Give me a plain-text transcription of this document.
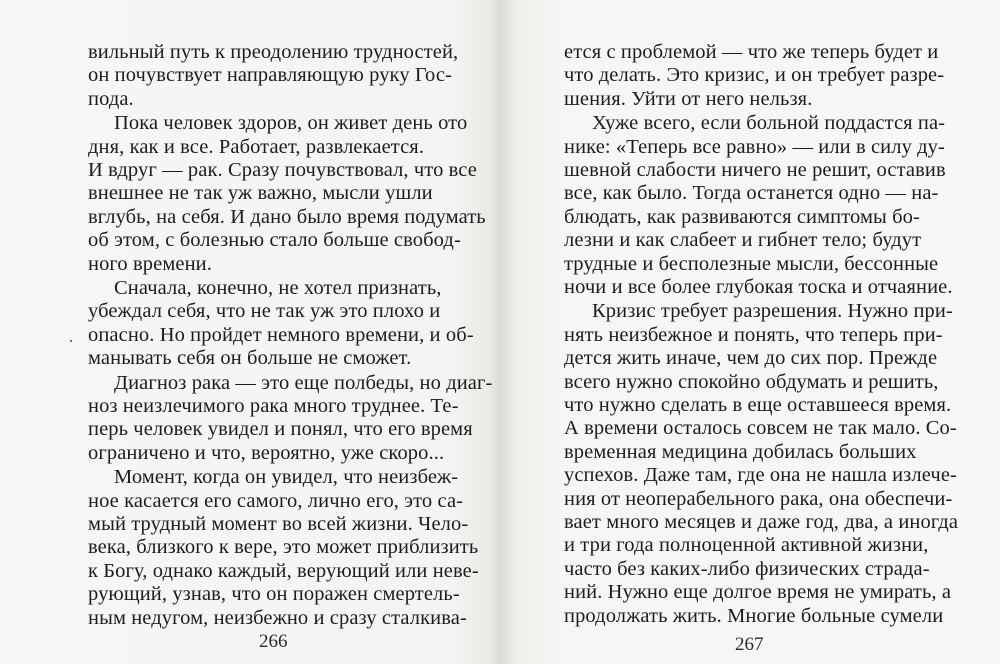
вильный путь к преодолению трудностей,
он почувствует направляющую руку Гос-
пода.
Пока человек здоров, он живет день ото
дня, как и все. Работает, развлекается.
И вдруг — рак. Сразу почувствовал, что все
внешнее не так уж важно, мысли ушли
вглубь, на себя. И дано было время подумать
об этом, с болезнью стало больше свобод-
ного времени.
Сначала, конечно, не хотел признать,
убеждал себя, что не так уж это плохо и
опасно. Но пройдет немного времени, и об-
манывать себя он больше не сможет.
Диагноз рака — это еще полбеды, но диаг-
ноз неизлечимого рака много труднее. Те-
перь человек увидел и понял, что его время
ограничено и что, вероятно, уже скоро...
Момент, когда он увидел, что неизбеж-
ное касается его самого, лично его, это са-
мый трудный момент во всей жизни. Чело-
века, близкого к вере, это может приблизить
к Богу, однако каждый, верующий или неве-
рующий, узнав, что он поражен смертель-
ным недугом, неизбежно и сразу сталкива-
266
ется с проблемой — что же теперь будет и
что делать. Это кризис, и он требует разре-
шения. Уйти от него нельзя.
Хуже всего, если больной поддастся па-
нике: «Теперь все равно» — или в силу ду-
шевной слабости ничего не решит, оставив
все, как было. Тогда останется одно — на-
блюдать, как развиваются симптомы бо-
лезни и как слабеет и гибнет тело; будут
трудные и бесполезные мысли, бессонные
ночи и все более глубокая тоска и отчаяние.
Кризис требует разрешения. Нужно при-
нять неизбежное и понять, что теперь при-
дется жить иначе, чем до сих пор. Прежде
всего нужно спокойно обдумать и решить,
что нужно сделать в еще оставшееся время.
А времени осталось совсем не так мало. Со-
временная медицина добилась больших
успехов. Даже там, где она не нашла излече-
ния от неоперабельного рака, она обеспечи-
вает много месяцев и даже год, два, а иногда
и три года полноценной активной жизни,
часто без каких-либо физических страда-
ний. Нужно еще долгое время не умирать, а
продолжать жить. Многие больные сумели
267
